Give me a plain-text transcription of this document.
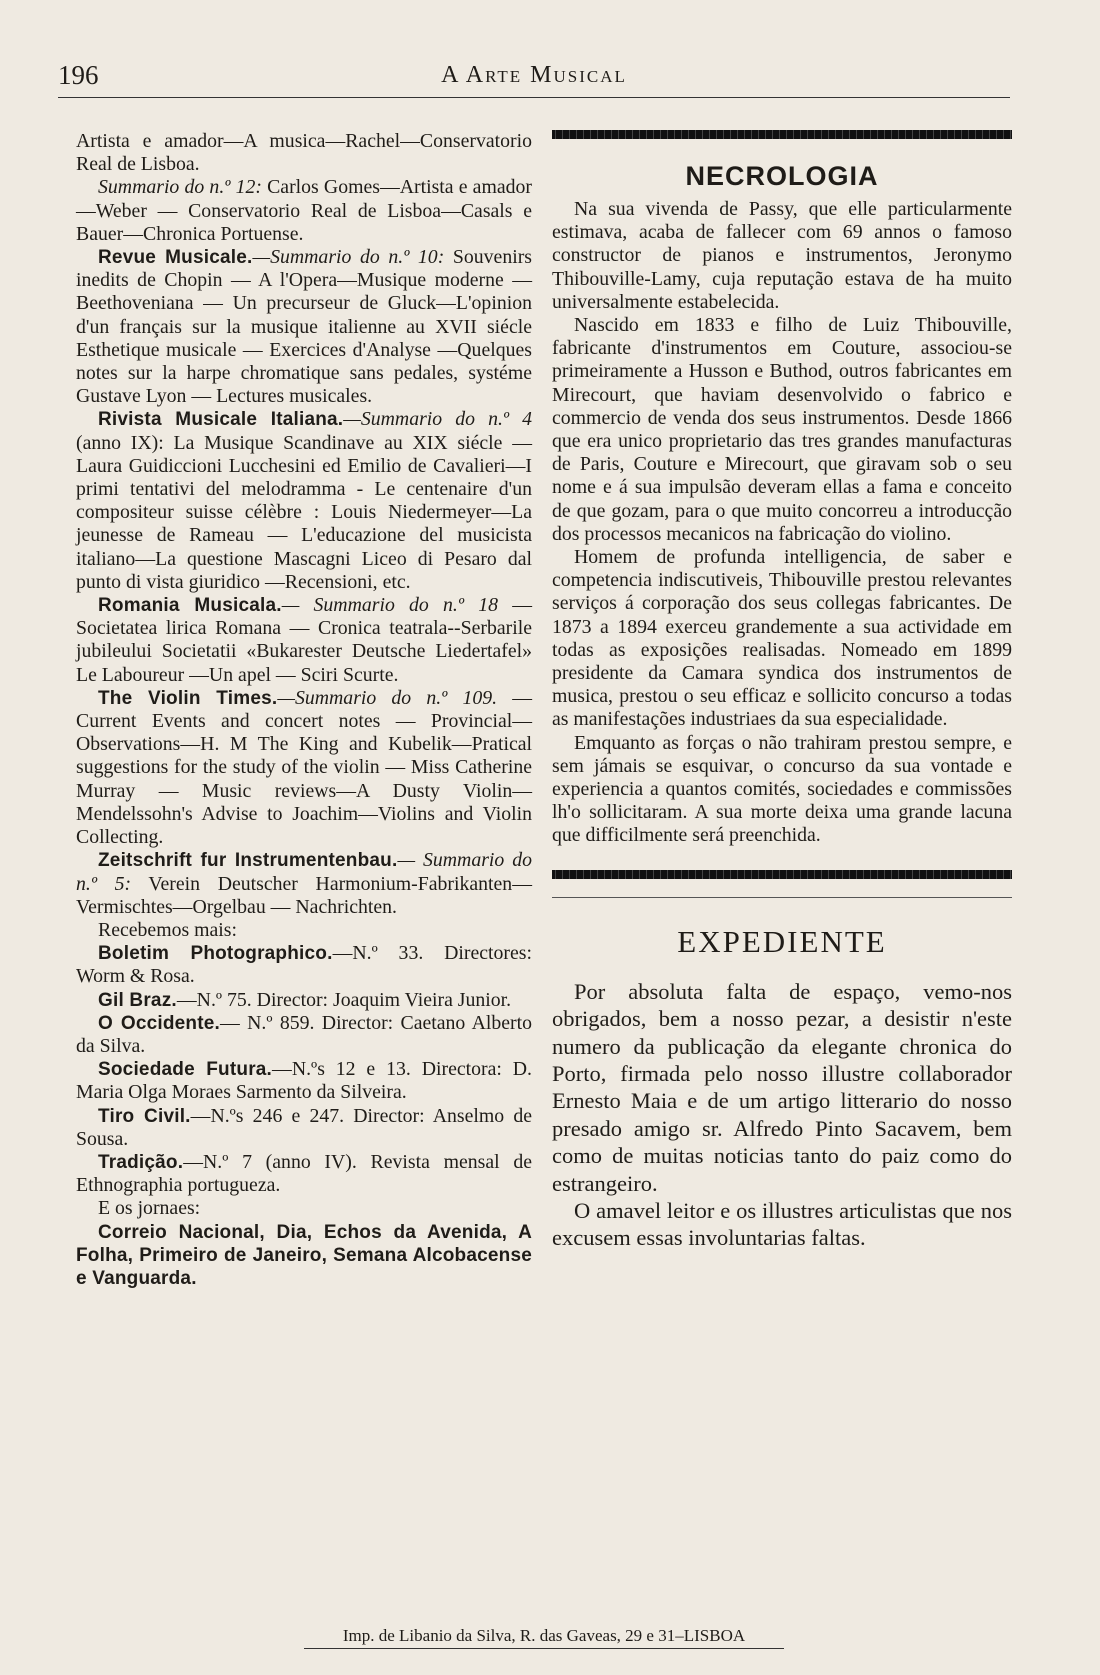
196	A Arte Musical

Artista e amador—A musica—Rachel—Conservatorio Real de Lisboa.

Summario do n.º 12: Carlos Gomes—Artista e amador —Weber — Conservatorio Real de Lisboa—Casals e Bauer—Chronica Portuense.

Revue Musicale.—Summario do n.º 10: Souvenirs inedits de Chopin — A l'Opera—Musique moderne — Beethoveniana — Un precurseur de Gluck—L'opinion d'un français sur la musique italienne au XVII siécle Esthetique musicale — Exercices d'Analyse —Quelques notes sur la harpe chromatique sans pedales, systéme Gustave Lyon — Lectures musicales.

Rivista Musicale Italiana.—Summario do n.º 4 (anno IX): La Musique Scandinave au XIX siécle — Laura Guidiccioni Lucchesini ed Emilio de Cavalieri—I primi tentativi del melodramma - Le centenaire d'un compositeur suisse célèbre : Louis Niedermeyer—La jeunesse de Rameau — L'educazione del musicista italiano—La questione Mascagni Liceo di Pesaro dal punto di vista giuridico —Recensioni, etc.

Romania Musicala.— Summario do n.º 18 —Societatea lirica Romana — Cronica teatrala--Serbarile jubileului Societatii «Bukarester Deutsche Liedertafel» Le Laboureur —Un apel — Sciri Scurte.

The Violin Times.—Summario do n.º 109. — Current Events and concert notes — Provincial—Observations—H. M The King and Kubelik—Pratical suggestions for the study of the violin — Miss Catherine Murray — Music reviews—A Dusty Violin—Mendelssohn's Advise to Joachim—Violins and Violin Collecting.

Zeitschrift fur Instrumentenbau.— Summario do n.º 5: Verein Deutscher Harmonium-Fabrikanten—Vermischtes—Orgelbau — Nachrichten.

Recebemos mais:

Boletim Photographico.—N.º 33. Directores: Worm & Rosa.

Gil Braz.—N.º 75. Director: Joaquim Vieira Junior.

O Occidente.— N.º 859. Director: Caetano Alberto da Silva.

Sociedade Futura.—N.ºs 12 e 13. Directora: D. Maria Olga Moraes Sarmento da Silveira.

Tiro Civil.—N.ºs 246 e 247. Director: Anselmo de Sousa.

Tradição.—N.º 7 (anno IV). Revista mensal de Ethnographia portugueza.

E os jornaes:

Correio Nacional, Dia, Echos da Avenida, A Folha, Primeiro de Janeiro, Semana Alcobacense e Vanguarda.

NECROLOGIA

Na sua vivenda de Passy, que elle particularmente estimava, acaba de fallecer com 69 annos o famoso constructor de pianos e instrumentos, Jeronymo Thibouville-Lamy, cuja reputação estava de ha muito universalmente estabelecida.

Nascido em 1833 e filho de Luiz Thibouville, fabricante d'instrumentos em Couture, associou-se primeiramente a Husson e Buthod, outros fabricantes em Mirecourt, que haviam desenvolvido o fabrico e commercio de venda dos seus instrumentos. Desde 1866 que era unico proprietario das tres grandes manufacturas de Paris, Couture e Mirecourt, que giravam sob o seu nome e á sua impulsão deveram ellas a fama e conceito de que gozam, para o que muito concorreu a introducção dos processos mecanicos na fabricação do violino.

Homem de profunda intelligencia, de saber e competencia indiscutiveis, Thibouville prestou relevantes serviços á corporação dos seus collegas fabricantes. De 1873 a 1894 exerceu grandemente a sua actividade em todas as exposições realisadas. Nomeado em 1899 presidente da Camara syndica dos instrumentos de musica, prestou o seu efficaz e sollicito concurso a todas as manifestações industriaes da sua especialidade.

Emquanto as forças o não trahiram prestou sempre, e sem jámais se esquivar, o concurso da sua vontade e experiencia a quantos comités, sociedades e commissões lh'o sollicitaram. A sua morte deixa uma grande lacuna que difficilmente será preenchida.

EXPEDIENTE

Por absoluta falta de espaço, vemo-nos obrigados, bem a nosso pezar, a desistir n'este numero da publicação da elegante chronica do Porto, firmada pelo nosso illustre collaborador Ernesto Maia e de um artigo litterario do nosso presado amigo sr. Alfredo Pinto Sacavem, bem como de muitas noticias tanto do paiz como do estrangeiro.

O amavel leitor e os illustres articulistas que nos excusem essas involuntarias faltas.

Imp. de Libanio da Silva, R. das Gaveas, 29 e 31–LISBOA
